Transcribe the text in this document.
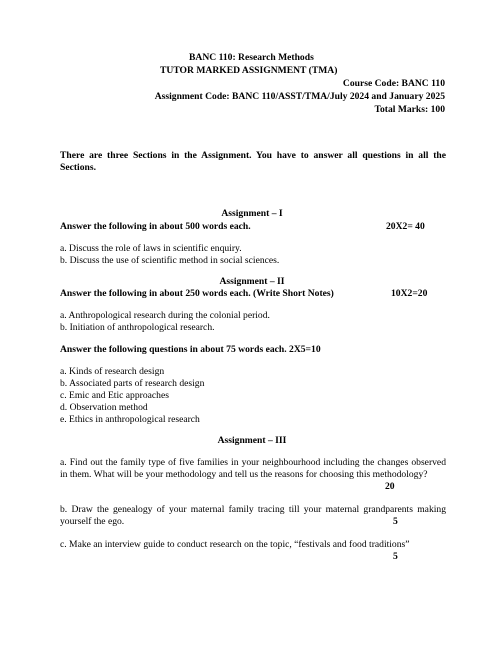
BANC 110: Research Methods
TUTOR MARKED ASSIGNMENT (TMA)
Course Code: BANC 110
Assignment Code: BANC 110/ASST/TMA/July 2024 and January 2025
Total Marks: 100
There are three Sections in the Assignment. You have to answer all questions in all the Sections.
Assignment – I
Answer the following in about 500 words each.	20X2= 40
a. Discuss the role of laws in scientific enquiry.
b. Discuss the use of scientific method in social sciences.
Assignment – II
Answer the following in about 250 words each. (Write Short Notes)	10X2=20
a. Anthropological research during the colonial period.
b. Initiation of anthropological research.
Answer the following questions in about 75 words each. 2X5=10
a. Kinds of research design
b. Associated parts of research design
c. Emic and Etic approaches
d. Observation method
e. Ethics in anthropological research
Assignment – III
a. Find out the family type of five families in your neighbourhood including the changes observed in them. What will be your methodology and tell us the reasons for choosing this methodology?
20
b. Draw the genealogy of your maternal family tracing till your maternal grandparents making yourself the ego.	5
c. Make an interview guide to conduct research on the topic, “festivals and food traditions”
5
